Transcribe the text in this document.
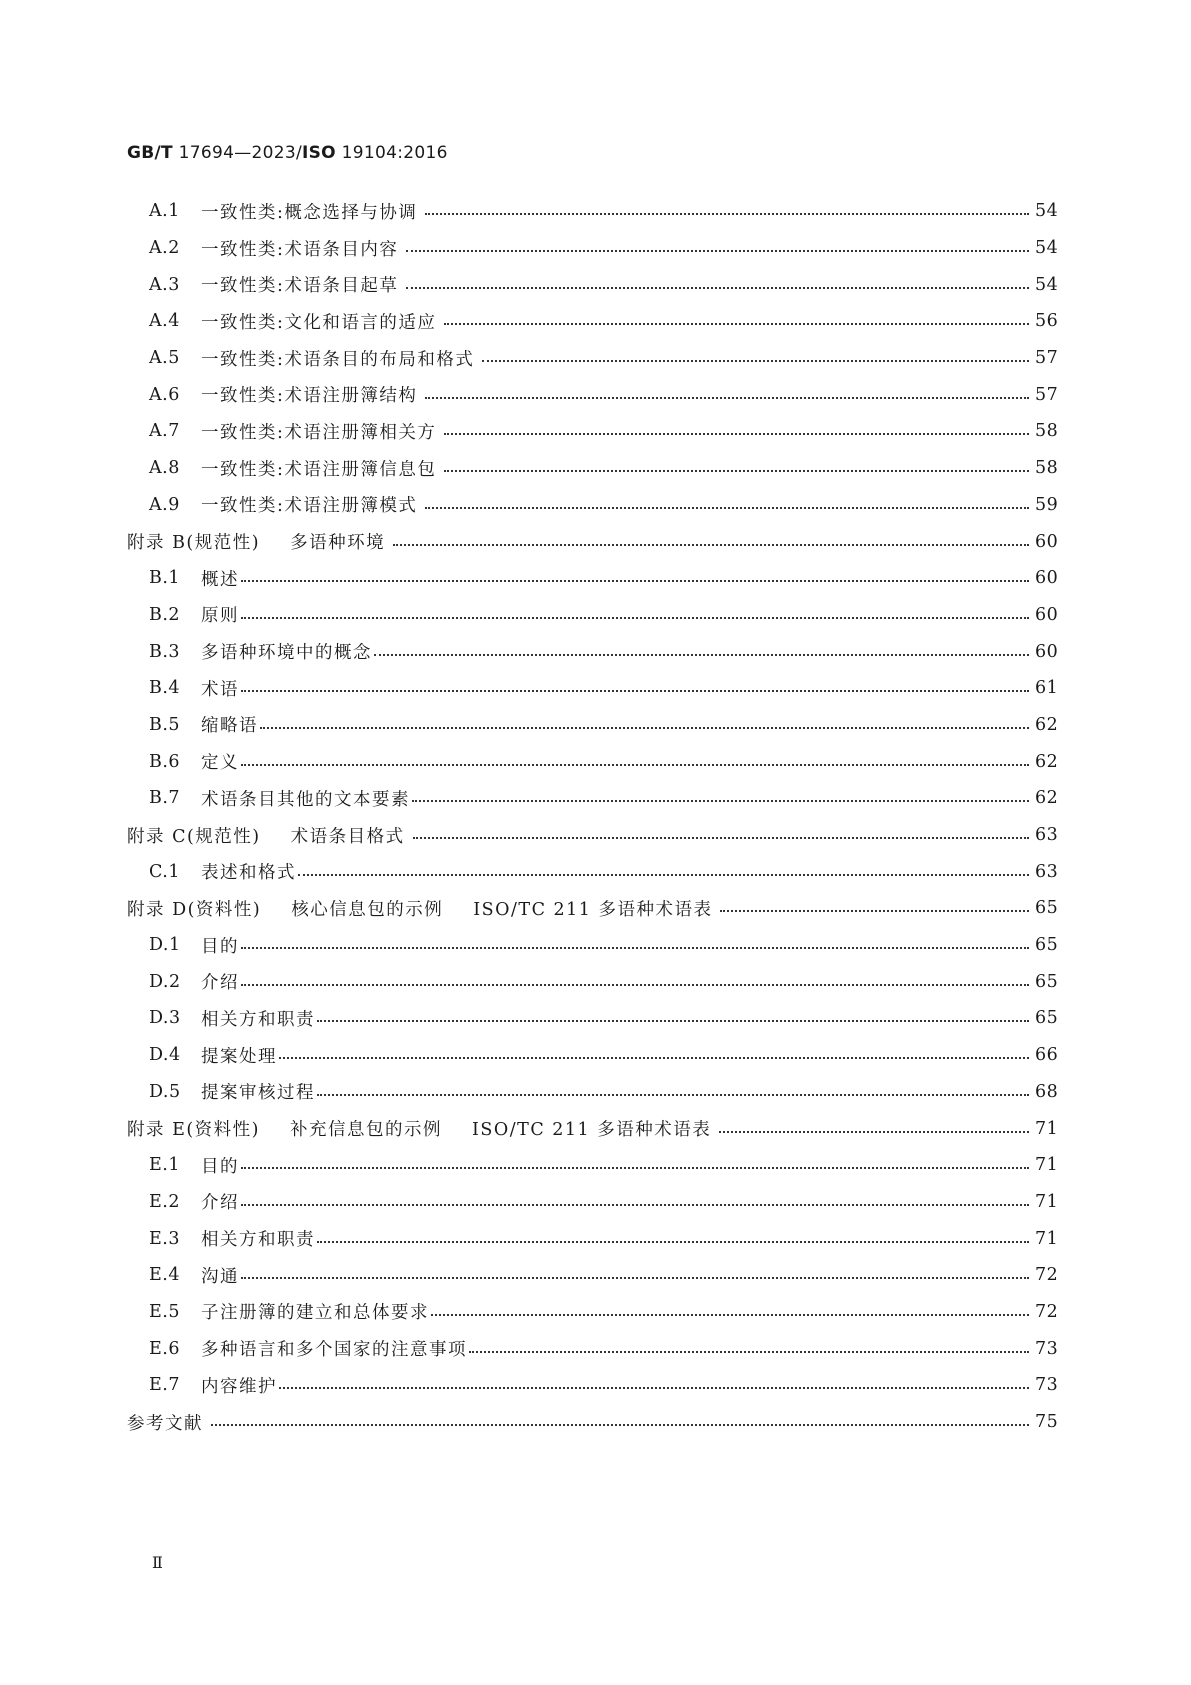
GB/T 17694—2023/ISO 19104:2016
A.1	一致性类:概念选择与协调	54
A.2	一致性类:术语条目内容	54
A.3	一致性类:术语条目起草	54
A.4	一致性类:文化和语言的适应	56
A.5	一致性类:术语条目的布局和格式	57
A.6	一致性类:术语注册簿结构	57
A.7	一致性类:术语注册簿相关方	58
A.8	一致性类:术语注册簿信息包	58
A.9	一致性类:术语注册簿模式	59
附录 B(规范性) 多语种环境	60
B.1	概述	60
B.2	原则	60
B.3	多语种环境中的概念	60
B.4	术语	61
B.5	缩略语	62
B.6	定义	62
B.7	术语条目其他的文本要素	62
附录 C(规范性) 术语条目格式	63
C.1	表述和格式	63
附录 D(资料性) 核心信息包的示例 ISO/TC 211 多语种术语表	65
D.1	目的	65
D.2	介绍	65
D.3	相关方和职责	65
D.4	提案处理	66
D.5	提案审核过程	68
附录 E(资料性) 补充信息包的示例 ISO/TC 211 多语种术语表	71
E.1	目的	71
E.2	介绍	71
E.3	相关方和职责	71
E.4	沟通	72
E.5	子注册簿的建立和总体要求	72
E.6	多种语言和多个国家的注意事项	73
E.7	内容维护	73
参考文献	75
Ⅱ
